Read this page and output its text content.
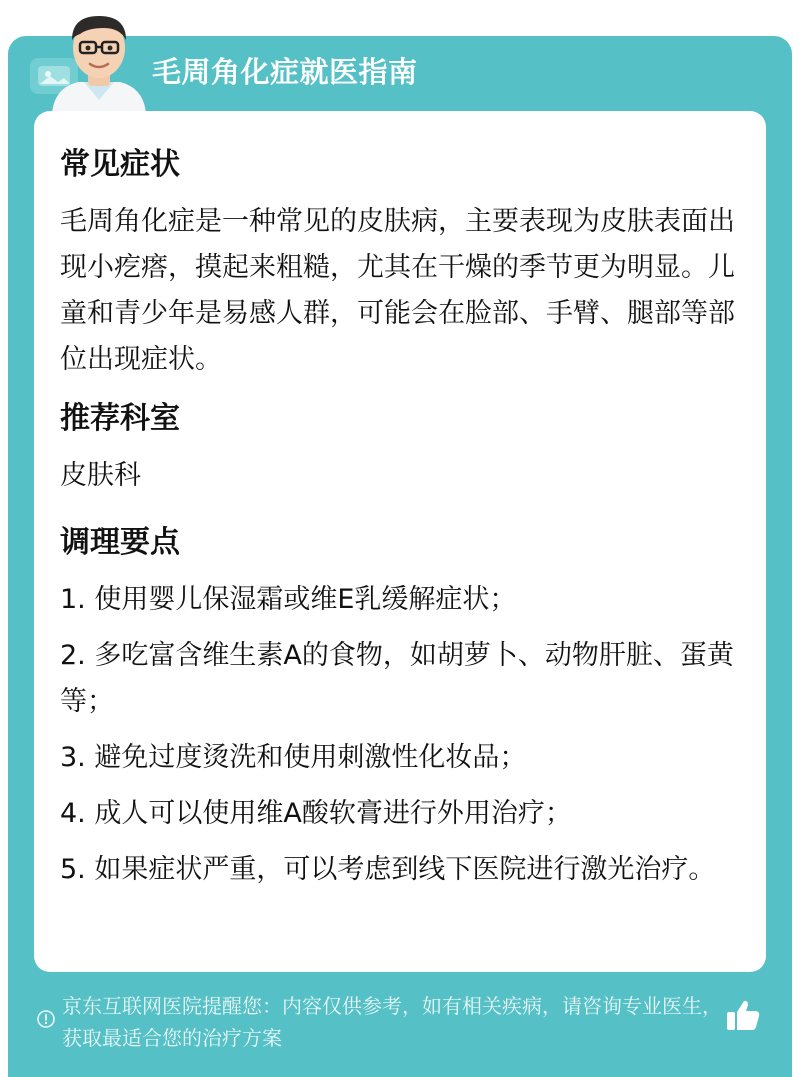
毛周角化症就医指南
常见症状
毛周角化症是一种常见的皮肤病，主要表现为皮肤表面出现小疙瘩，摸起来粗糙，尤其在干燥的季节更为明显。儿童和青少年是易感人群，可能会在脸部、手臂、腿部等部位出现症状。
推荐科室
皮肤科
调理要点
1. 使用婴儿保湿霜或维E乳缓解症状；
2. 多吃富含维生素A的食物，如胡萝卜、动物肝脏、蛋黄等；
3. 避免过度烫洗和使用刺激性化妆品；
4. 成人可以使用维A酸软膏进行外用治疗；
5. 如果症状严重，可以考虑到线下医院进行激光治疗。
京东互联网医院提醒您：内容仅供参考，如有相关疾病，请咨询专业医生，获取最适合您的治疗方案
